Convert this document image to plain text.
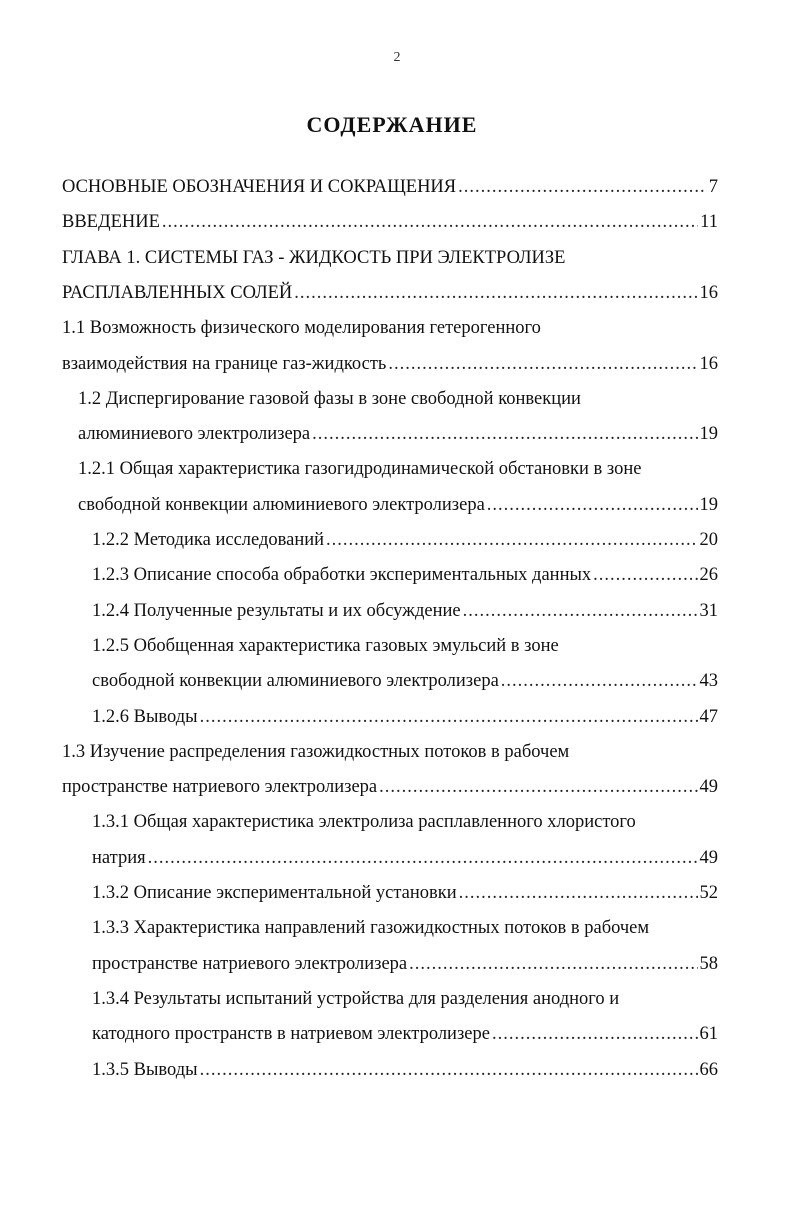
2
СОДЕРЖАНИЕ
ОСНОВНЫЕ ОБОЗНАЧЕНИЯ И СОКРАЩЕНИЯ .....	7
ВВЕДЕНИЕ .....	11
ГЛАВА 1. СИСТЕМЫ ГАЗ - ЖИДКОСТЬ ПРИ ЭЛЕКТРОЛИЗЕ
РАСПЛАВЛЕННЫХ СОЛЕЙ .....	16
1.1 Возможность физического моделирования гетерогенного
взаимодействия на границе газ-жидкость .....	16
1.2 Диспергирование газовой фазы в зоне свободной конвекции
алюминиевого электролизера .....	19
1.2.1 Общая характеристика газогидродинамической обстановки в зоне
свободной конвекции алюминиевого электролизера .....	19
1.2.2 Методика исследований .....	20
1.2.3 Описание способа обработки экспериментальных данных .....	26
1.2.4 Полученные результаты и их обсуждение .....	31
1.2.5 Обобщенная характеристика газовых эмульсий в зоне
свободной конвекции алюминиевого электролизера .....	43
1.2.6 Выводы .....	47
1.3 Изучение распределения газожидкостных потоков в рабочем
пространстве натриевого электролизера .....	49
1.3.1 Общая характеристика электролиза расплавленного хлористого
натрия .....	49
1.3.2 Описание экспериментальной установки .....	52
1.3.3 Характеристика направлений газожидкостных потоков в рабочем
пространстве натриевого электролизера .....	58
1.3.4 Результаты испытаний устройства для разделения анодного и
катодного пространств в натриевом электролизере .....	61
1.3.5 Выводы .....	66
